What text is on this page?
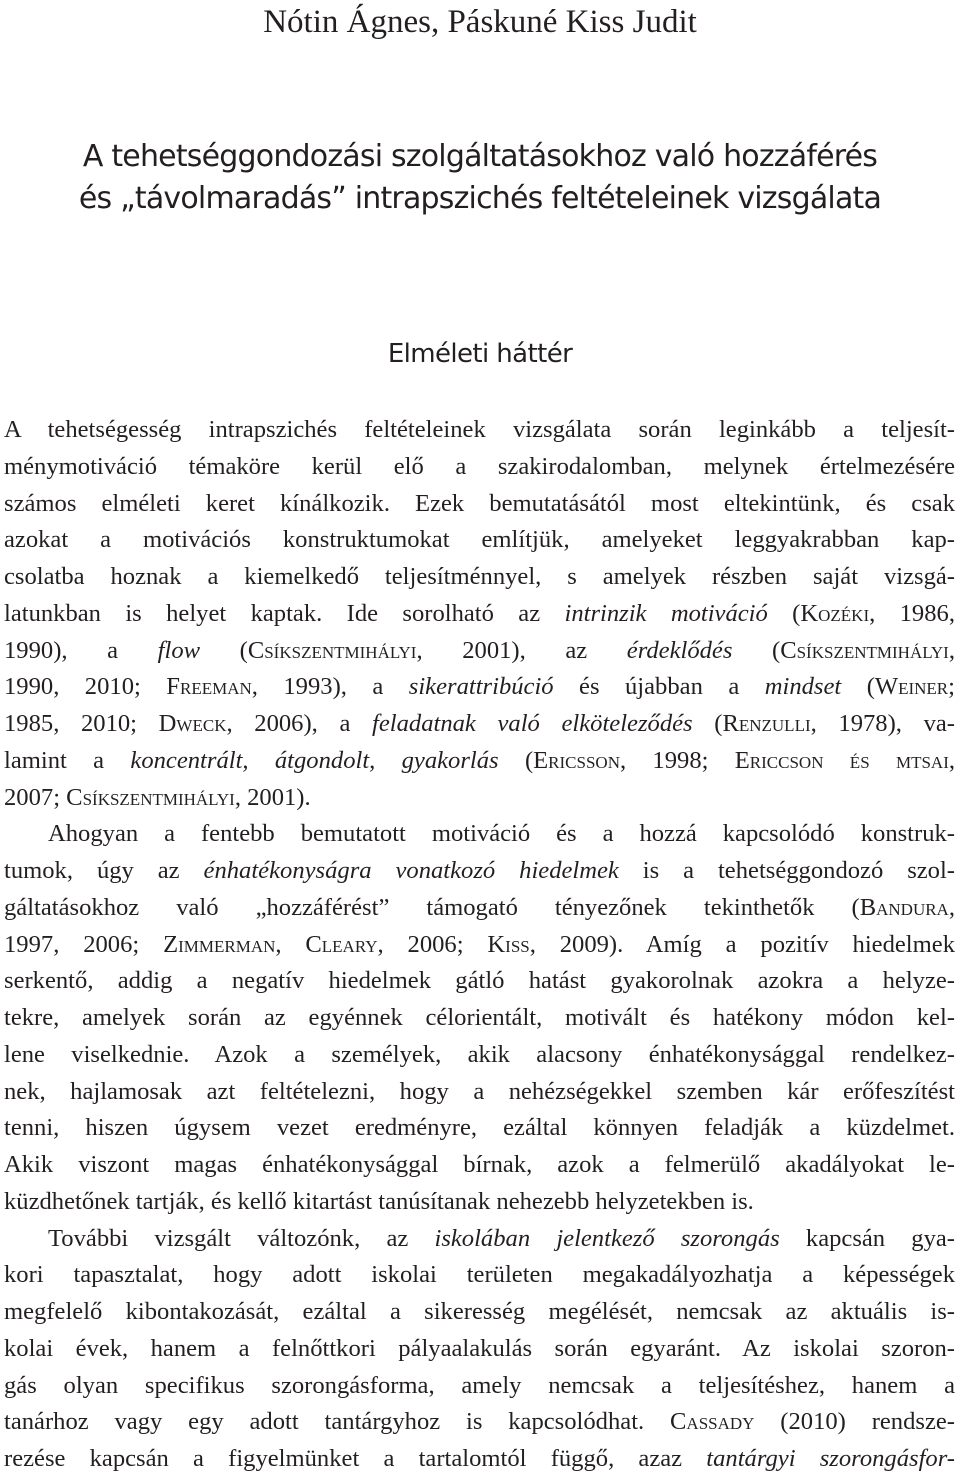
Nótin Ágnes, Páskuné Kiss Judit
A tehetséggondozási szolgáltatásokhoz való hozzáférés
és „távolmaradás” intrapszichés feltételeinek vizsgálata
Elméleti háttér
A tehetségesség intrapszichés feltételeinek vizsgálata során leginkább a teljesít-
ménymotiváció témaköre kerül elő a szakirodalomban, melynek értelmezésére
számos elméleti keret kínálkozik. Ezek bemutatásától most eltekintünk, és csak
azokat a motivációs konstruktumokat említjük, amelyeket leggyakrabban kap-
csolatba hoznak a kiemelkedő teljesítménnyel, s amelyek részben saját vizsgá-
latunkban is helyet kaptak. Ide sorolható az intrinzik motiváció (Kozéki, 1986,
1990), a flow (Csíkszentmihályi, 2001), az érdeklődés (Csíkszentmihályi,
1990, 2010; Freeman, 1993), a sikerattribúció és újabban a mindset (Weiner;
1985, 2010; Dweck, 2006), a feladatnak való elköteleződés (Renzulli, 1978), va-
lamint a koncentrált, átgondolt, gyakorlás (Ericsson, 1998; Ericcson és mtsai,
2007; Csíkszentmihályi, 2001).
Ahogyan a fentebb bemutatott motiváció és a hozzá kapcsolódó konstruk-
tumok, úgy az énhatékonyságra vonatkozó hiedelmek is a tehetséggondozó szol-
gáltatásokhoz való „hozzáférést” támogató tényezőnek tekinthetők (Bandura,
1997, 2006; Zimmerman, Cleary, 2006; Kiss, 2009). Amíg a pozitív hiedelmek
serkentő, addig a negatív hiedelmek gátló hatást gyakorolnak azokra a helyze-
tekre, amelyek során az egyénnek célorientált, motivált és hatékony módon kel-
lene viselkednie. Azok a személyek, akik alacsony énhatékonysággal rendelkez-
nek, hajlamosak azt feltételezni, hogy a nehézségekkel szemben kár erőfeszítést
tenni, hiszen úgysem vezet eredményre, ezáltal könnyen feladják a küzdelmet.
Akik viszont magas énhatékonysággal bírnak, azok a felmerülő akadályokat le-
küzdhetőnek tartják, és kellő kitartást tanúsítanak nehezebb helyzetekben is.
További vizsgált változónk, az iskolában jelentkező szorongás kapcsán gya-
kori tapasztalat, hogy adott iskolai területen megakadályozhatja a képességek
megfelelő kibontakozását, ezáltal a sikeresség megélését, nemcsak az aktuális is-
kolai évek, hanem a felnőttkori pályaalakulás során egyaránt. Az iskolai szoron-
gás olyan specifikus szorongásforma, amely nemcsak a teljesítéshez, hanem a
tanárhoz vagy egy adott tantárgyhoz is kapcsolódhat. Cassady (2010) rendsze-
rezése kapcsán a figyelmünket a tartalomtól függő, azaz tantárgyi szorongásfor-
